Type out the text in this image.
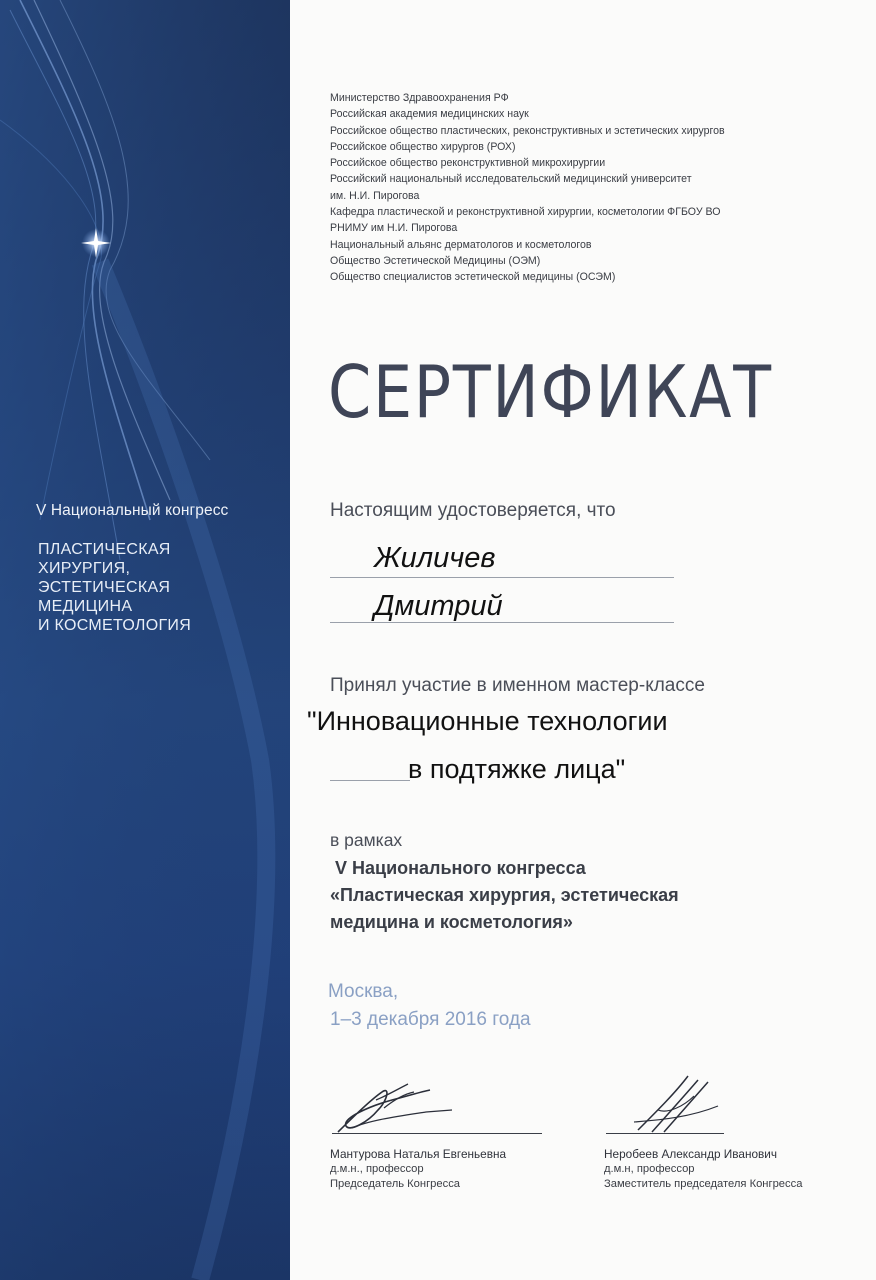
V Национальный конгресс
ПЛАСТИЧЕСКАЯ
ХИРУРГИЯ,
ЭСТЕТИЧЕСКАЯ
МЕДИЦИНА
И КОСМЕТОЛОГИЯ
Министерство Здравоохранения РФ
Российская академия медицинских наук
Российское общество пластических, реконструктивных и эстетических хирургов
Российское общество хирургов (РОХ)
Российское общество реконструктивной микрохирургии
Российский национальный исследовательский медицинский университет
им. Н.И. Пирогова
Кафедра пластической и реконструктивной хирургии, косметологии ФГБОУ ВО
РНИМУ им Н.И. Пирогова
Национальный альянс дерматологов и косметологов
Общество Эстетической Медицины (ОЭМ)
Общество специалистов эстетической медицины (ОСЭМ)
СЕРТИФИКАТ
Настоящим удостоверяется, что
Жиличев
Дмитрий
Принял участие в именном мастер-классе
"Инновационные технологии
в подтяжке лица"
в рамках
V Национального конгресса
«Пластическая хирургия, эстетическая
медицина и косметология»
Москва,
1–3 декабря 2016 года
Мантурова Наталья Евгеньевна
д.м.н., профессор
Председатель Конгресса
Неробеев Александр Иванович
д.м.н, профессор
Заместитель председателя Конгресса
